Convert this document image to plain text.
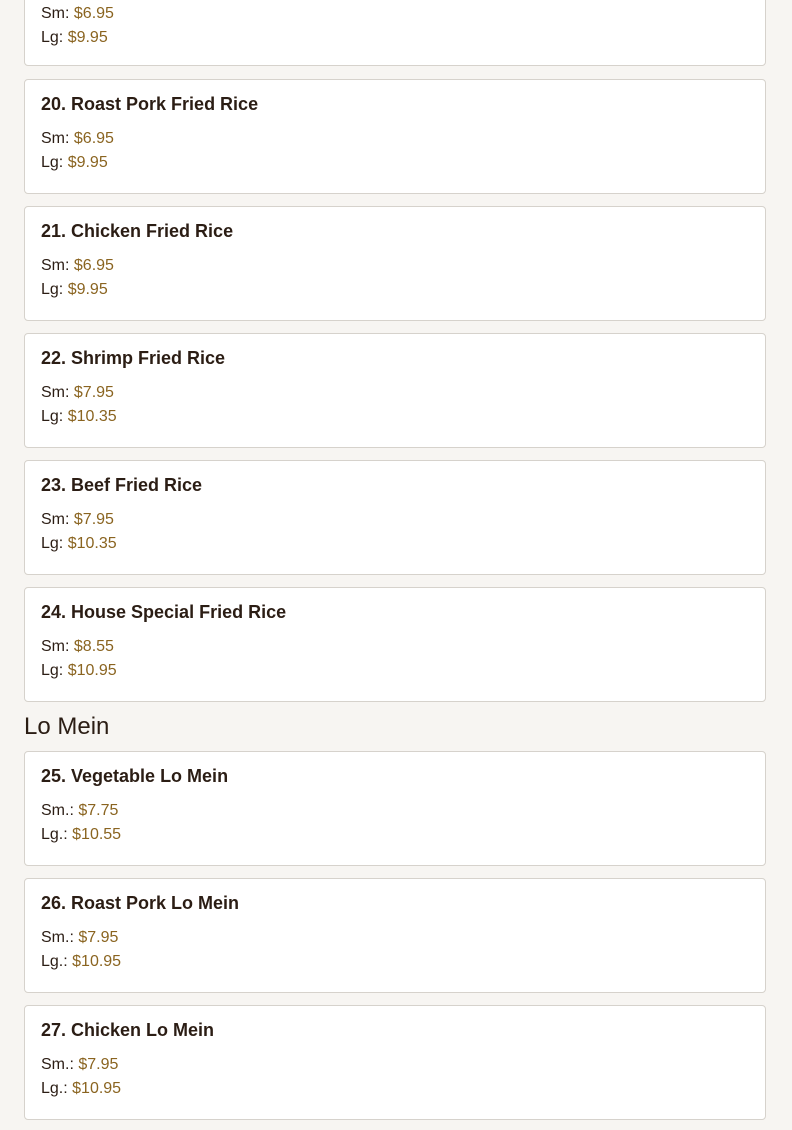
Sm: $6.95
Lg: $9.95
20. Roast Pork Fried Rice
Sm: $6.95
Lg: $9.95
21. Chicken Fried Rice
Sm: $6.95
Lg: $9.95
22. Shrimp Fried Rice
Sm: $7.95
Lg: $10.35
23. Beef Fried Rice
Sm: $7.95
Lg: $10.35
24. House Special Fried Rice
Sm: $8.55
Lg: $10.95
Lo Mein
25. Vegetable Lo Mein
Sm.: $7.75
Lg.: $10.55
26. Roast Pork Lo Mein
Sm.: $7.95
Lg.: $10.95
27. Chicken Lo Mein
Sm.: $7.95
Lg.: $10.95
